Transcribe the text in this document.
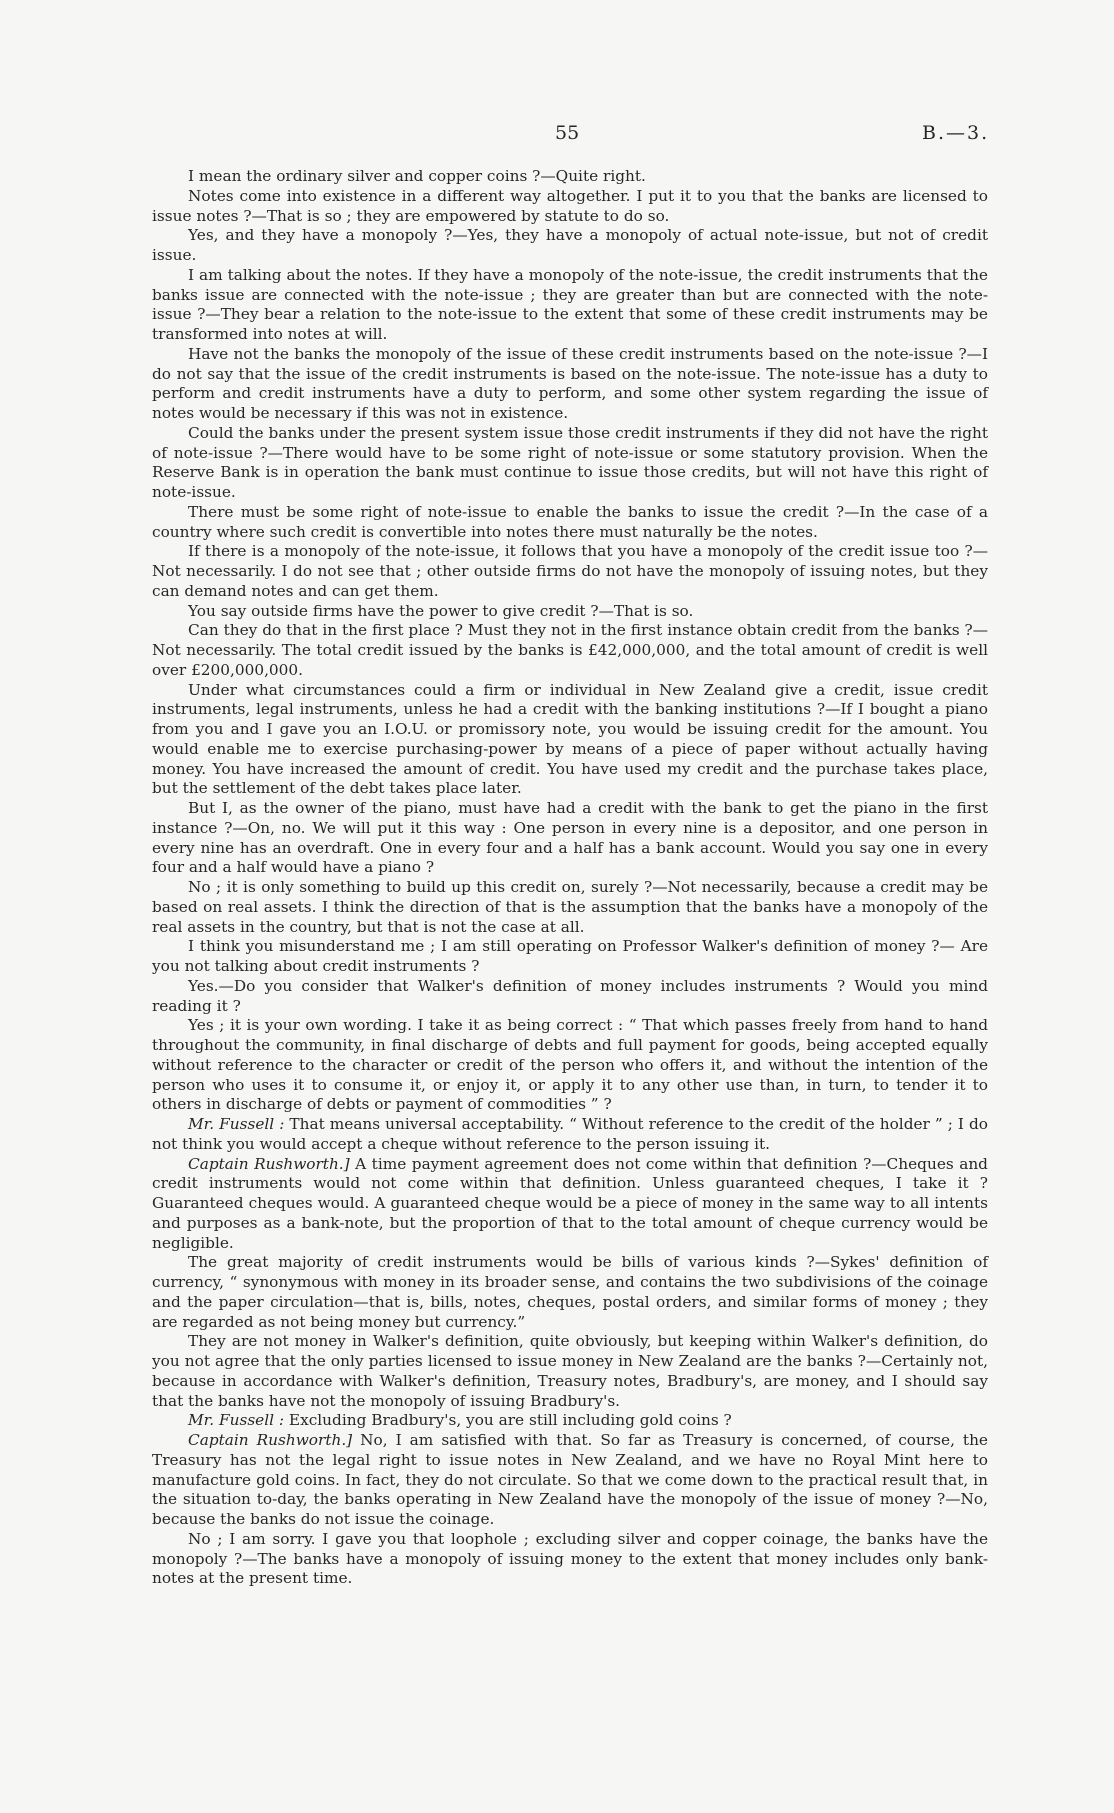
55	B.—3.

I mean the ordinary silver and copper coins ?—Quite right.

Notes come into existence in a different way altogether. I put it to you that the banks are licensed to issue notes ?—That is so ; they are empowered by statute to do so.

Yes, and they have a monopoly ?—Yes, they have a monopoly of actual note-issue, but not of credit issue.

I am talking about the notes. If they have a monopoly of the note-issue, the credit instruments that the banks issue are connected with the note-issue ; they are greater than but are connected with the note-issue ?—They bear a relation to the note-issue to the extent that some of these credit instruments may be transformed into notes at will.

Have not the banks the monopoly of the issue of these credit instruments based on the note-issue ?—I do not say that the issue of the credit instruments is based on the note-issue. The note-issue has a duty to perform and credit instruments have a duty to perform, and some other system regarding the issue of notes would be necessary if this was not in existence.

Could the banks under the present system issue those credit instruments if they did not have the right of note-issue ?—There would have to be some right of note-issue or some statutory provision. When the Reserve Bank is in operation the bank must continue to issue those credits, but will not have this right of note-issue.

There must be some right of note-issue to enable the banks to issue the credit ?—In the case of a country where such credit is convertible into notes there must naturally be the notes.

If there is a monopoly of the note-issue, it follows that you have a monopoly of the credit issue too ?—Not necessarily. I do not see that ; other outside firms do not have the monopoly of issuing notes, but they can demand notes and can get them.

You say outside firms have the power to give credit ?—That is so.

Can they do that in the first place ? Must they not in the first instance obtain credit from the banks ?—Not necessarily. The total credit issued by the banks is £42,000,000, and the total amount of credit is well over £200,000,000.

Under what circumstances could a firm or individual in New Zealand give a credit, issue credit instruments, legal instruments, unless he had a credit with the banking institutions ?—If I bought a piano from you and I gave you an I.O.U. or promissory note, you would be issuing credit for the amount. You would enable me to exercise purchasing-power by means of a piece of paper without actually having money. You have increased the amount of credit. You have used my credit and the purchase takes place, but the settlement of the debt takes place later.

But I, as the owner of the piano, must have had a credit with the bank to get the piano in the first instance ?—On, no. We will put it this way : One person in every nine is a depositor, and one person in every nine has an overdraft. One in every four and a half has a bank account. Would you say one in every four and a half would have a piano ?

No ; it is only something to build up this credit on, surely ?—Not necessarily, because a credit may be based on real assets. I think the direction of that is the assumption that the banks have a monopoly of the real assets in the country, but that is not the case at all.

I think you misunderstand me ; I am still operating on Professor Walker's definition of money ?— Are you not talking about credit instruments ?

Yes.—Do you consider that Walker's definition of money includes instruments ? Would you mind reading it ?

Yes ; it is your own wording. I take it as being correct : “ That which passes freely from hand to hand throughout the community, in final discharge of debts and full payment for goods, being accepted equally without reference to the character or credit of the person who offers it, and without the intention of the person who uses it to consume it, or enjoy it, or apply it to any other use than, in turn, to tender it to others in discharge of debts or payment of commodities ” ?

Mr. Fussell : That means universal acceptability. “ Without reference to the credit of the holder ” ; I do not think you would accept a cheque without reference to the person issuing it.

Captain Rushworth.] A time payment agreement does not come within that definition ?—Cheques and credit instruments would not come within that definition. Unless guaranteed cheques, I take it ? Guaranteed cheques would. A guaranteed cheque would be a piece of money in the same way to all intents and purposes as a bank-note, but the proportion of that to the total amount of cheque currency would be negligible.

The great majority of credit instruments would be bills of various kinds ?—Sykes' definition of currency, “ synonymous with money in its broader sense, and contains the two subdivisions of the coinage and the paper circulation—that is, bills, notes, cheques, postal orders, and similar forms of money ; they are regarded as not being money but currency.”

They are not money in Walker's definition, quite obviously, but keeping within Walker's definition, do you not agree that the only parties licensed to issue money in New Zealand are the banks ?—Certainly not, because in accordance with Walker's definition, Treasury notes, Bradbury's, are money, and I should say that the banks have not the monopoly of issuing Bradbury's.

Mr. Fussell : Excluding Bradbury's, you are still including gold coins ?

Captain Rushworth.] No, I am satisfied with that. So far as Treasury is concerned, of course, the Treasury has not the legal right to issue notes in New Zealand, and we have no Royal Mint here to manufacture gold coins. In fact, they do not circulate. So that we come down to the practical result that, in the situation to-day, the banks operating in New Zealand have the monopoly of the issue of money ?—No, because the banks do not issue the coinage.

No ; I am sorry. I gave you that loophole ; excluding silver and copper coinage, the banks have the monopoly ?—The banks have a monopoly of issuing money to the extent that money includes only bank-notes at the present time.
